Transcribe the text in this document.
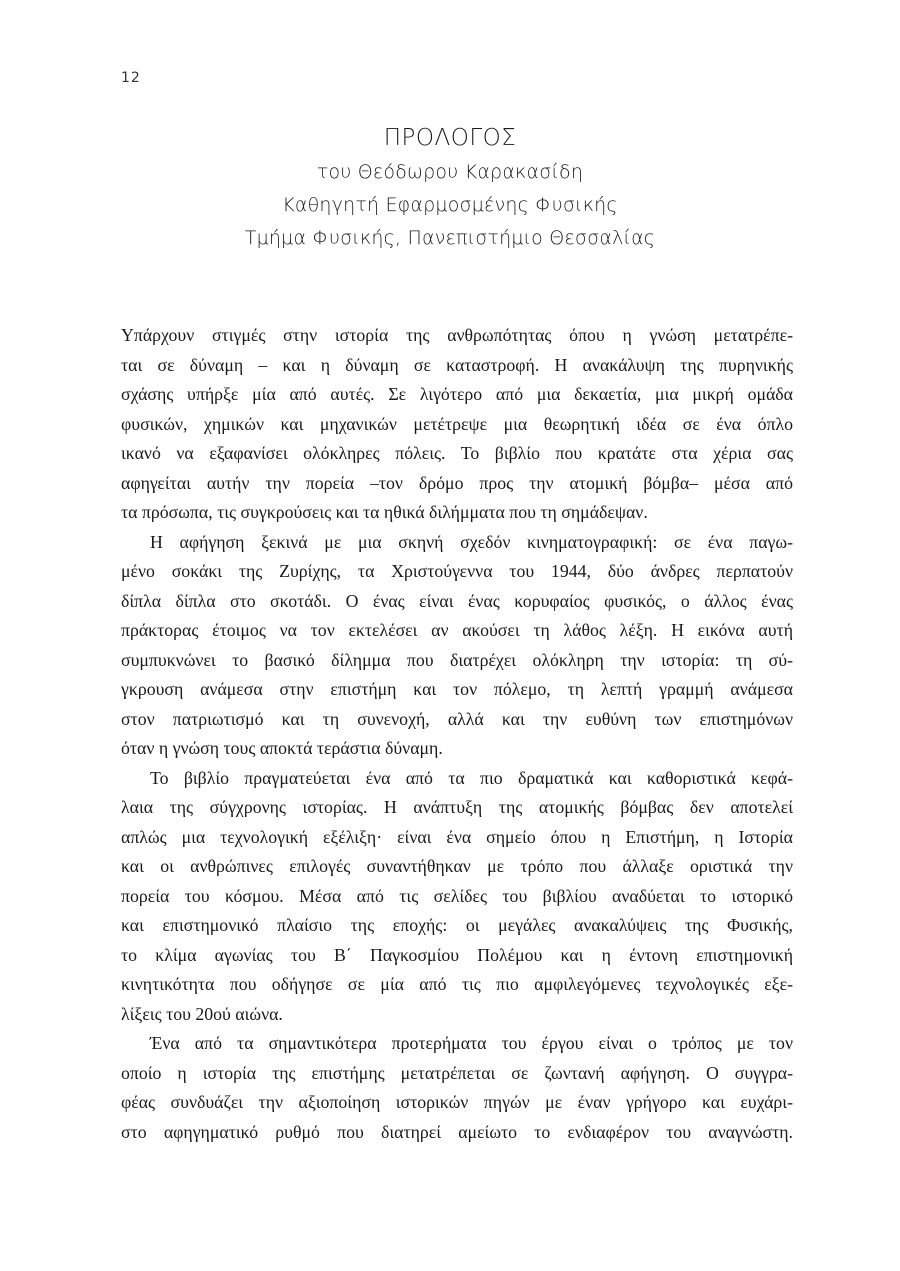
12
ΠΡΟΛΟΓΟΣ
του Θεόδωρου Καρακασίδη
Καθηγητή Εφαρμοσμένης Φυσικής
Τμήμα Φυσικής, Πανεπιστήμιο Θεσσαλίας
Υπάρχουν στιγμές στην ιστορία της ανθρωπότητας όπου η γνώση μετατρέπε-
ται σε δύναμη – και η δύναμη σε καταστροφή. Η ανακάλυψη της πυρηνικής
σχάσης υπήρξε μία από αυτές. Σε λιγότερο από μια δεκαετία, μια μικρή ομάδα
φυσικών, χημικών και μηχανικών μετέτρεψε μια θεωρητική ιδέα σε ένα όπλο
ικανό να εξαφανίσει ολόκληρες πόλεις. Το βιβλίο που κρατάτε στα χέρια σας
αφηγείται αυτήν την πορεία –τον δρόμο προς την ατομική βόμβα– μέσα από
τα πρόσωπα, τις συγκρούσεις και τα ηθικά διλήμματα που τη σημάδεψαν.
Η αφήγηση ξεκινά με μια σκηνή σχεδόν κινηματογραφική: σε ένα παγω-
μένο σοκάκι της Ζυρίχης, τα Χριστούγεννα του 1944, δύο άνδρες περπατούν
δίπλα δίπλα στο σκοτάδι. Ο ένας είναι ένας κορυφαίος φυσικός, ο άλλος ένας
πράκτορας έτοιμος να τον εκτελέσει αν ακούσει τη λάθος λέξη. Η εικόνα αυτή
συμπυκνώνει το βασικό δίλημμα που διατρέχει ολόκληρη την ιστορία: τη σύ-
γκρουση ανάμεσα στην επιστήμη και τον πόλεμο, τη λεπτή γραμμή ανάμεσα
στον πατριωτισμό και τη συνενοχή, αλλά και την ευθύνη των επιστημόνων
όταν η γνώση τους αποκτά τεράστια δύναμη.
Το βιβλίο πραγματεύεται ένα από τα πιο δραματικά και καθοριστικά κεφά-
λαια της σύγχρονης ιστορίας. Η ανάπτυξη της ατομικής βόμβας δεν αποτελεί
απλώς μια τεχνολογική εξέλιξη· είναι ένα σημείο όπου η Επιστήμη, η Ιστορία
και οι ανθρώπινες επιλογές συναντήθηκαν με τρόπο που άλλαξε οριστικά την
πορεία του κόσμου. Μέσα από τις σελίδες του βιβλίου αναδύεται το ιστορικό
και επιστημονικό πλαίσιο της εποχής: οι μεγάλες ανακαλύψεις της Φυσικής,
το κλίμα αγωνίας του Β΄ Παγκοσμίου Πολέμου και η έντονη επιστημονική
κινητικότητα που οδήγησε σε μία από τις πιο αμφιλεγόμενες τεχνολογικές εξε-
λίξεις του 20ού αιώνα.
Ένα από τα σημαντικότερα προτερήματα του έργου είναι ο τρόπος με τον
οποίο η ιστορία της επιστήμης μετατρέπεται σε ζωντανή αφήγηση. Ο συγγρα-
φέας συνδυάζει την αξιοποίηση ιστορικών πηγών με έναν γρήγορο και ευχάρι-
στο αφηγηματικό ρυθμό που διατηρεί αμείωτο το ενδιαφέρον του αναγνώστη.
